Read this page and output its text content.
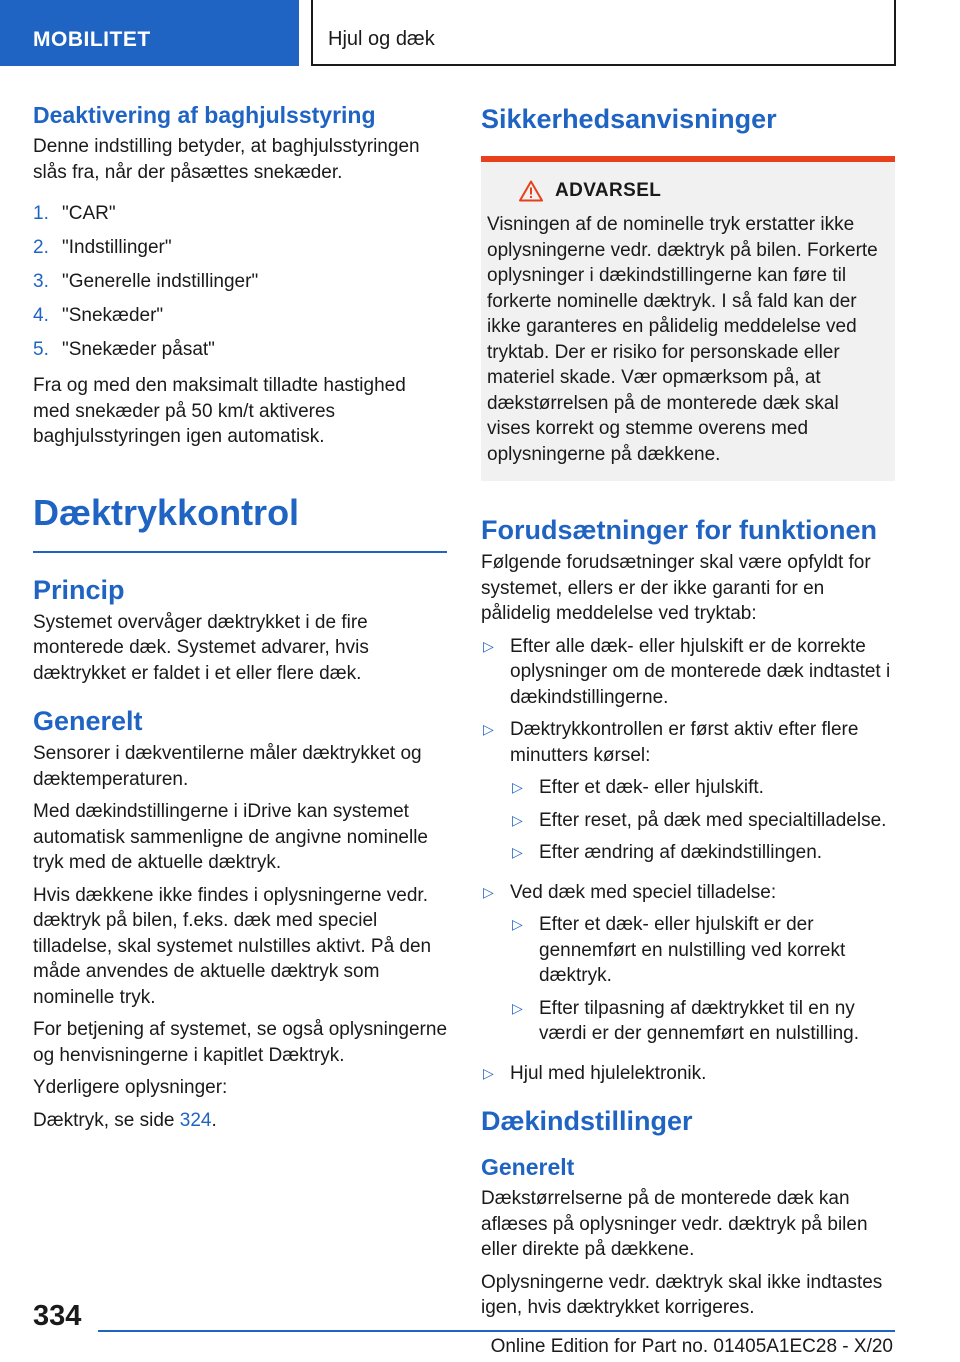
MOBILITET	Hjul og dæk
Deaktivering af baghjulsstyring

Denne indstilling betyder, at baghjulsstyringen slås fra, når der påsættes snekæder.

1. "CAR"
2. "Indstillinger"
3. "Generelle indstillinger"
4. "Snekæder"
5. "Snekæder påsat"

Fra og med den maksimalt tilladte hastighed med snekæder på 50 km/t aktiveres baghjulsstyringen igen automatisk.

Dæktrykkontrol
Princip

Systemet overvåger dæktrykket i de fire monterede dæk. Systemet advarer, hvis dæktrykket er faldet i et eller flere dæk.

Generelt

Sensorer i dækventilerne måler dæktrykket og dæktemperaturen.

Med dækindstillingerne i iDrive kan systemet automatisk sammenligne de angivne nominelle tryk med de aktuelle dæktryk.

Hvis dækkene ikke findes i oplysningerne vedr. dæktryk på bilen, f.eks. dæk med speciel tilladelse, skal systemet nulstilles aktivt. På den måde anvendes de aktuelle dæktryk som nominelle tryk.

For betjening af systemet, se også oplysningerne og henvisningerne i kapitlet Dæktryk.

Yderligere oplysninger:

Dæktryk, se side 324.

Sikkerhedsanvisninger
ADVARSEL

Visningen af de nominelle tryk erstatter ikke oplysningerne vedr. dæktryk på bilen. Forkerte oplysninger i dækindstillingerne kan føre til forkerte nominelle dæktryk. I så fald kan der ikke garanteres en pålidelig meddelelse ved tryktab. Der er risiko for personskade eller materiel skade. Vær opmærksom på, at dækstørrelsen på de monterede dæk skal vises korrekt og stemme overens med oplysningerne på dækkene.

Forudsætninger for funktionen

Følgende forudsætninger skal være opfyldt for systemet, ellers er der ikke garanti for en pålidelig meddelelse ved tryktab:

▷ Efter alle dæk- eller hjulskift er de korrekte oplysninger om de monterede dæk indtastet i dækindstillingerne.
▷ Dæktrykkontrollen er først aktiv efter flere minutters kørsel:
▷ Efter et dæk- eller hjulskift.
▷ Efter reset, på dæk med specialtilladelse.
▷ Efter ændring af dækindstillingen.
▷ Ved dæk med speciel tilladelse:
▷ Efter et dæk- eller hjulskift er der gennemført en nulstilling ved korrekt dæktryk.
▷ Efter tilpasning af dæktrykket til en ny værdi er der gennemført en nulstilling.
▷ Hjul med hjulelektronik.
Dækindstillinger
Generelt

Dækstørrelserne på de monterede dæk kan aflæses på oplysninger vedr. dæktryk på bilen eller direkte på dækkene.

Oplysningerne vedr. dæktryk skal ikke indtastes igen, hvis dæktrykket korrigeres.

334
Online Edition for Part no. 01405A1EC28 - X/20
